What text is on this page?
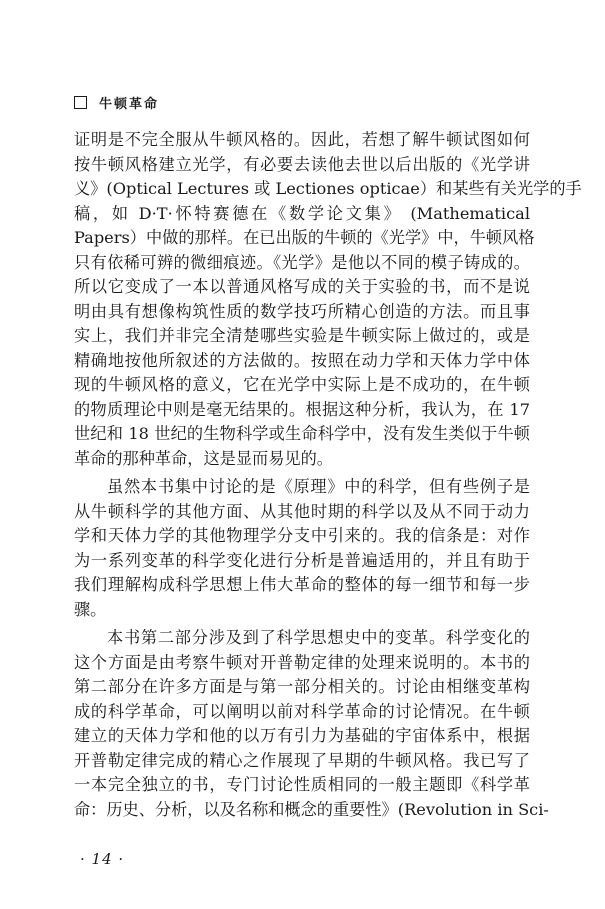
牛顿革命
证明是不完全服从牛顿风格的。因此，若想了解牛顿试图如何
按牛顿风格建立光学，有必要去读他去世以后出版的《光学讲
义》(Optical Lectures 或 Lectiones opticae）和某些有关光学的手
稿，如 D·T·怀特赛德在《数学论文集》 (Mathematical
Papers）中做的那样。在已出版的牛顿的《光学》中，牛顿风格
只有依稀可辨的微细痕迹。《光学》是他以不同的模子铸成的。
所以它变成了一本以普通风格写成的关于实验的书，而不是说
明由具有想像构筑性质的数学技巧所精心创造的方法。而且事
实上，我们并非完全清楚哪些实验是牛顿实际上做过的，或是
精确地按他所叙述的方法做的。按照在动力学和天体力学中体
现的牛顿风格的意义，它在光学中实际上是不成功的，在牛顿
的物质理论中则是毫无结果的。根据这种分析，我认为，在 17
世纪和 18 世纪的生物科学或生命科学中，没有发生类似于牛顿
革命的那种革命，这是显而易见的。
虽然本书集中讨论的是《原理》中的科学，但有些例子是
从牛顿科学的其他方面、从其他时期的科学以及从不同于动力
学和天体力学的其他物理学分支中引来的。我的信条是：对作
为一系列变革的科学变化进行分析是普遍适用的，并且有助于
我们理解构成科学思想上伟大革命的整体的每一细节和每一步
骤。
本书第二部分涉及到了科学思想史中的变革。科学变化的
这个方面是由考察牛顿对开普勒定律的处理来说明的。本书的
第二部分在许多方面是与第一部分相关的。讨论由相继变革构
成的科学革命，可以阐明以前对科学革命的讨论情况。在牛顿
建立的天体力学和他的以万有引力为基础的宇宙体系中，根据
开普勒定律完成的精心之作展现了早期的牛顿风格。我已写了
一本完全独立的书，专门讨论性质相同的一般主题即《科学革
命：历史、分析，以及名称和概念的重要性》(Revolution in Sci-
· 14 ·
